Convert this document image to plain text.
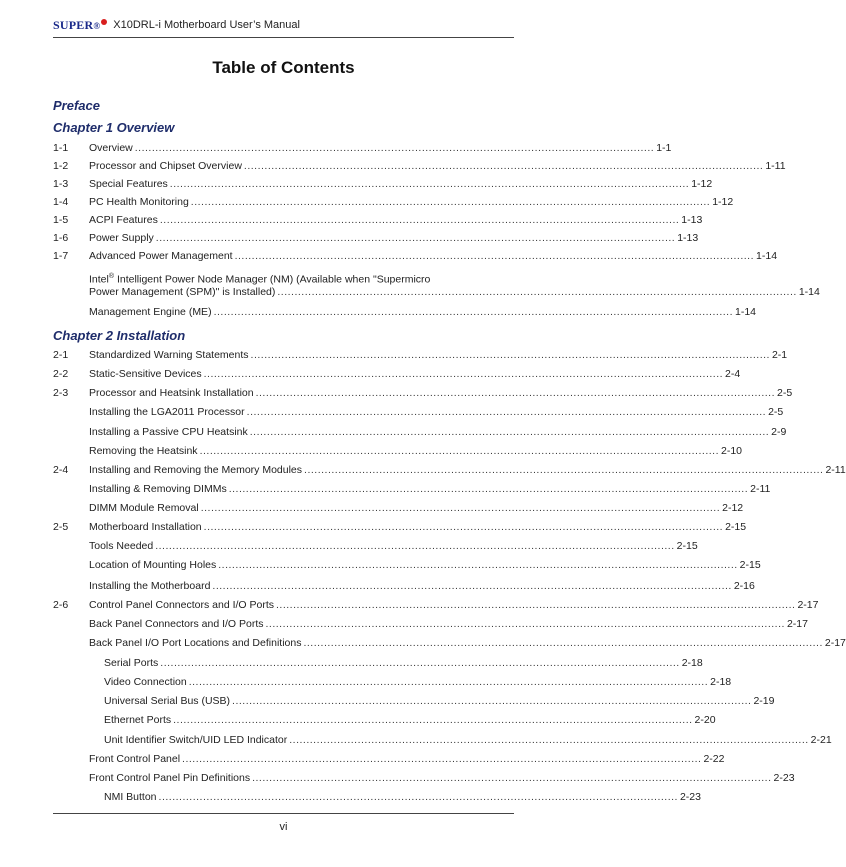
SUPER® X10DRL-i Motherboard User’s Manual
Table of Contents
Preface
Chapter 1 Overview
1-1	Overview ........................................................................................................................................................ 1-1
1-2	Processor and Chipset Overview ........................................................................................................................................................ 1-11
1-3	Special Features ........................................................................................................................................................ 1-12
1-4	PC Health Monitoring ........................................................................................................................................................ 1-12
1-5	ACPI Features ........................................................................................................................................................ 1-13
1-6	Power Supply ........................................................................................................................................................ 1-13
1-7	Advanced Power Management ........................................................................................................................................................ 1-14
Intel® Intelligent Power Node Manager (NM) (Available when "Supermicro
Power Management (SPM)" is Installed) ........................................................................................................................................................ 1-14
Management Engine (ME) ........................................................................................................................................................ 1-14
Chapter 2 Installation
2-1	Standardized Warning Statements ........................................................................................................................................................ 2-1
2-2	Static-Sensitive Devices ........................................................................................................................................................ 2-4
2-3	Processor and Heatsink Installation ........................................................................................................................................................ 2-5
Installing the LGA2011 Processor ........................................................................................................................................................ 2-5
Installing a Passive CPU Heatsink ........................................................................................................................................................ 2-9
Removing the Heatsink ........................................................................................................................................................ 2-10
2-4	Installing and Removing the Memory Modules ........................................................................................................................................................ 2-11
Installing & Removing DIMMs ........................................................................................................................................................ 2-11
DIMM Module Removal ........................................................................................................................................................ 2-12
2-5	Motherboard Installation ........................................................................................................................................................ 2-15
Tools Needed ........................................................................................................................................................ 2-15
Location of Mounting Holes ........................................................................................................................................................ 2-15
Installing the Motherboard ........................................................................................................................................................ 2-16
2-6	Control Panel Connectors and I/O Ports ........................................................................................................................................................ 2-17
Back Panel Connectors and I/O Ports ........................................................................................................................................................ 2-17
Back Panel I/O Port Locations and Definitions ........................................................................................................................................................ 2-17
Serial Ports ........................................................................................................................................................ 2-18
Video Connection ........................................................................................................................................................ 2-18
Universal Serial Bus (USB) ........................................................................................................................................................ 2-19
Ethernet Ports ........................................................................................................................................................ 2-20
Unit Identifier Switch/UID LED Indicator ........................................................................................................................................................ 2-21
Front Control Panel ........................................................................................................................................................ 2-22
Front Control Panel Pin Definitions ........................................................................................................................................................ 2-23
NMI Button ........................................................................................................................................................ 2-23
vi
